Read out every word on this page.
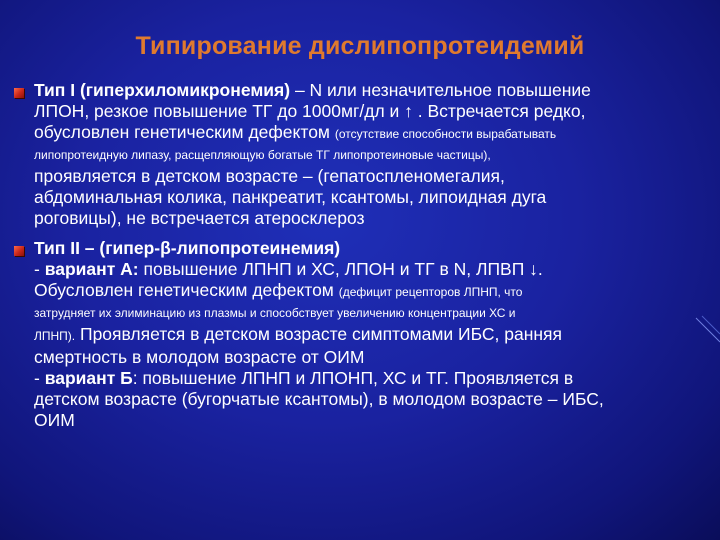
Типирование дислипопротеидемий
Тип I (гиперхиломикронемия) – N или незначительное повышение
ЛПОН, резкое повышение ТГ до 1000мг/дл и ↑ . Встречается редко,
обусловлен генетическим дефектом (отсутствие способности вырабатывать
липопротеидную липазу, расщепляющую богатые ТГ липопротеиновые частицы),
проявляется в детском возрасте – (гепатоспленомегалия,
абдоминальная колика, панкреатит, ксантомы, липоидная дуга
роговицы), не встречается атеросклероз
Тип II – (гипер-β-липопротеинемия)
- вариант А: повышение ЛПНП и ХС, ЛПОН и ТГ в N, ЛПВП ↓.
Обусловлен генетическим дефектом (дефицит рецепторов ЛПНП, что
затрудняет их элиминацию из плазмы и способствует увеличению концентрации ХС и
ЛПНП). Проявляется в детском возрасте симптомами ИБС, ранняя
смертность в молодом возрасте от ОИМ
- вариант Б: повышение ЛПНП и ЛПОНП, ХС и ТГ. Проявляется в
детском возрасте (бугорчатые ксантомы), в молодом возрасте – ИБС,
ОИМ
